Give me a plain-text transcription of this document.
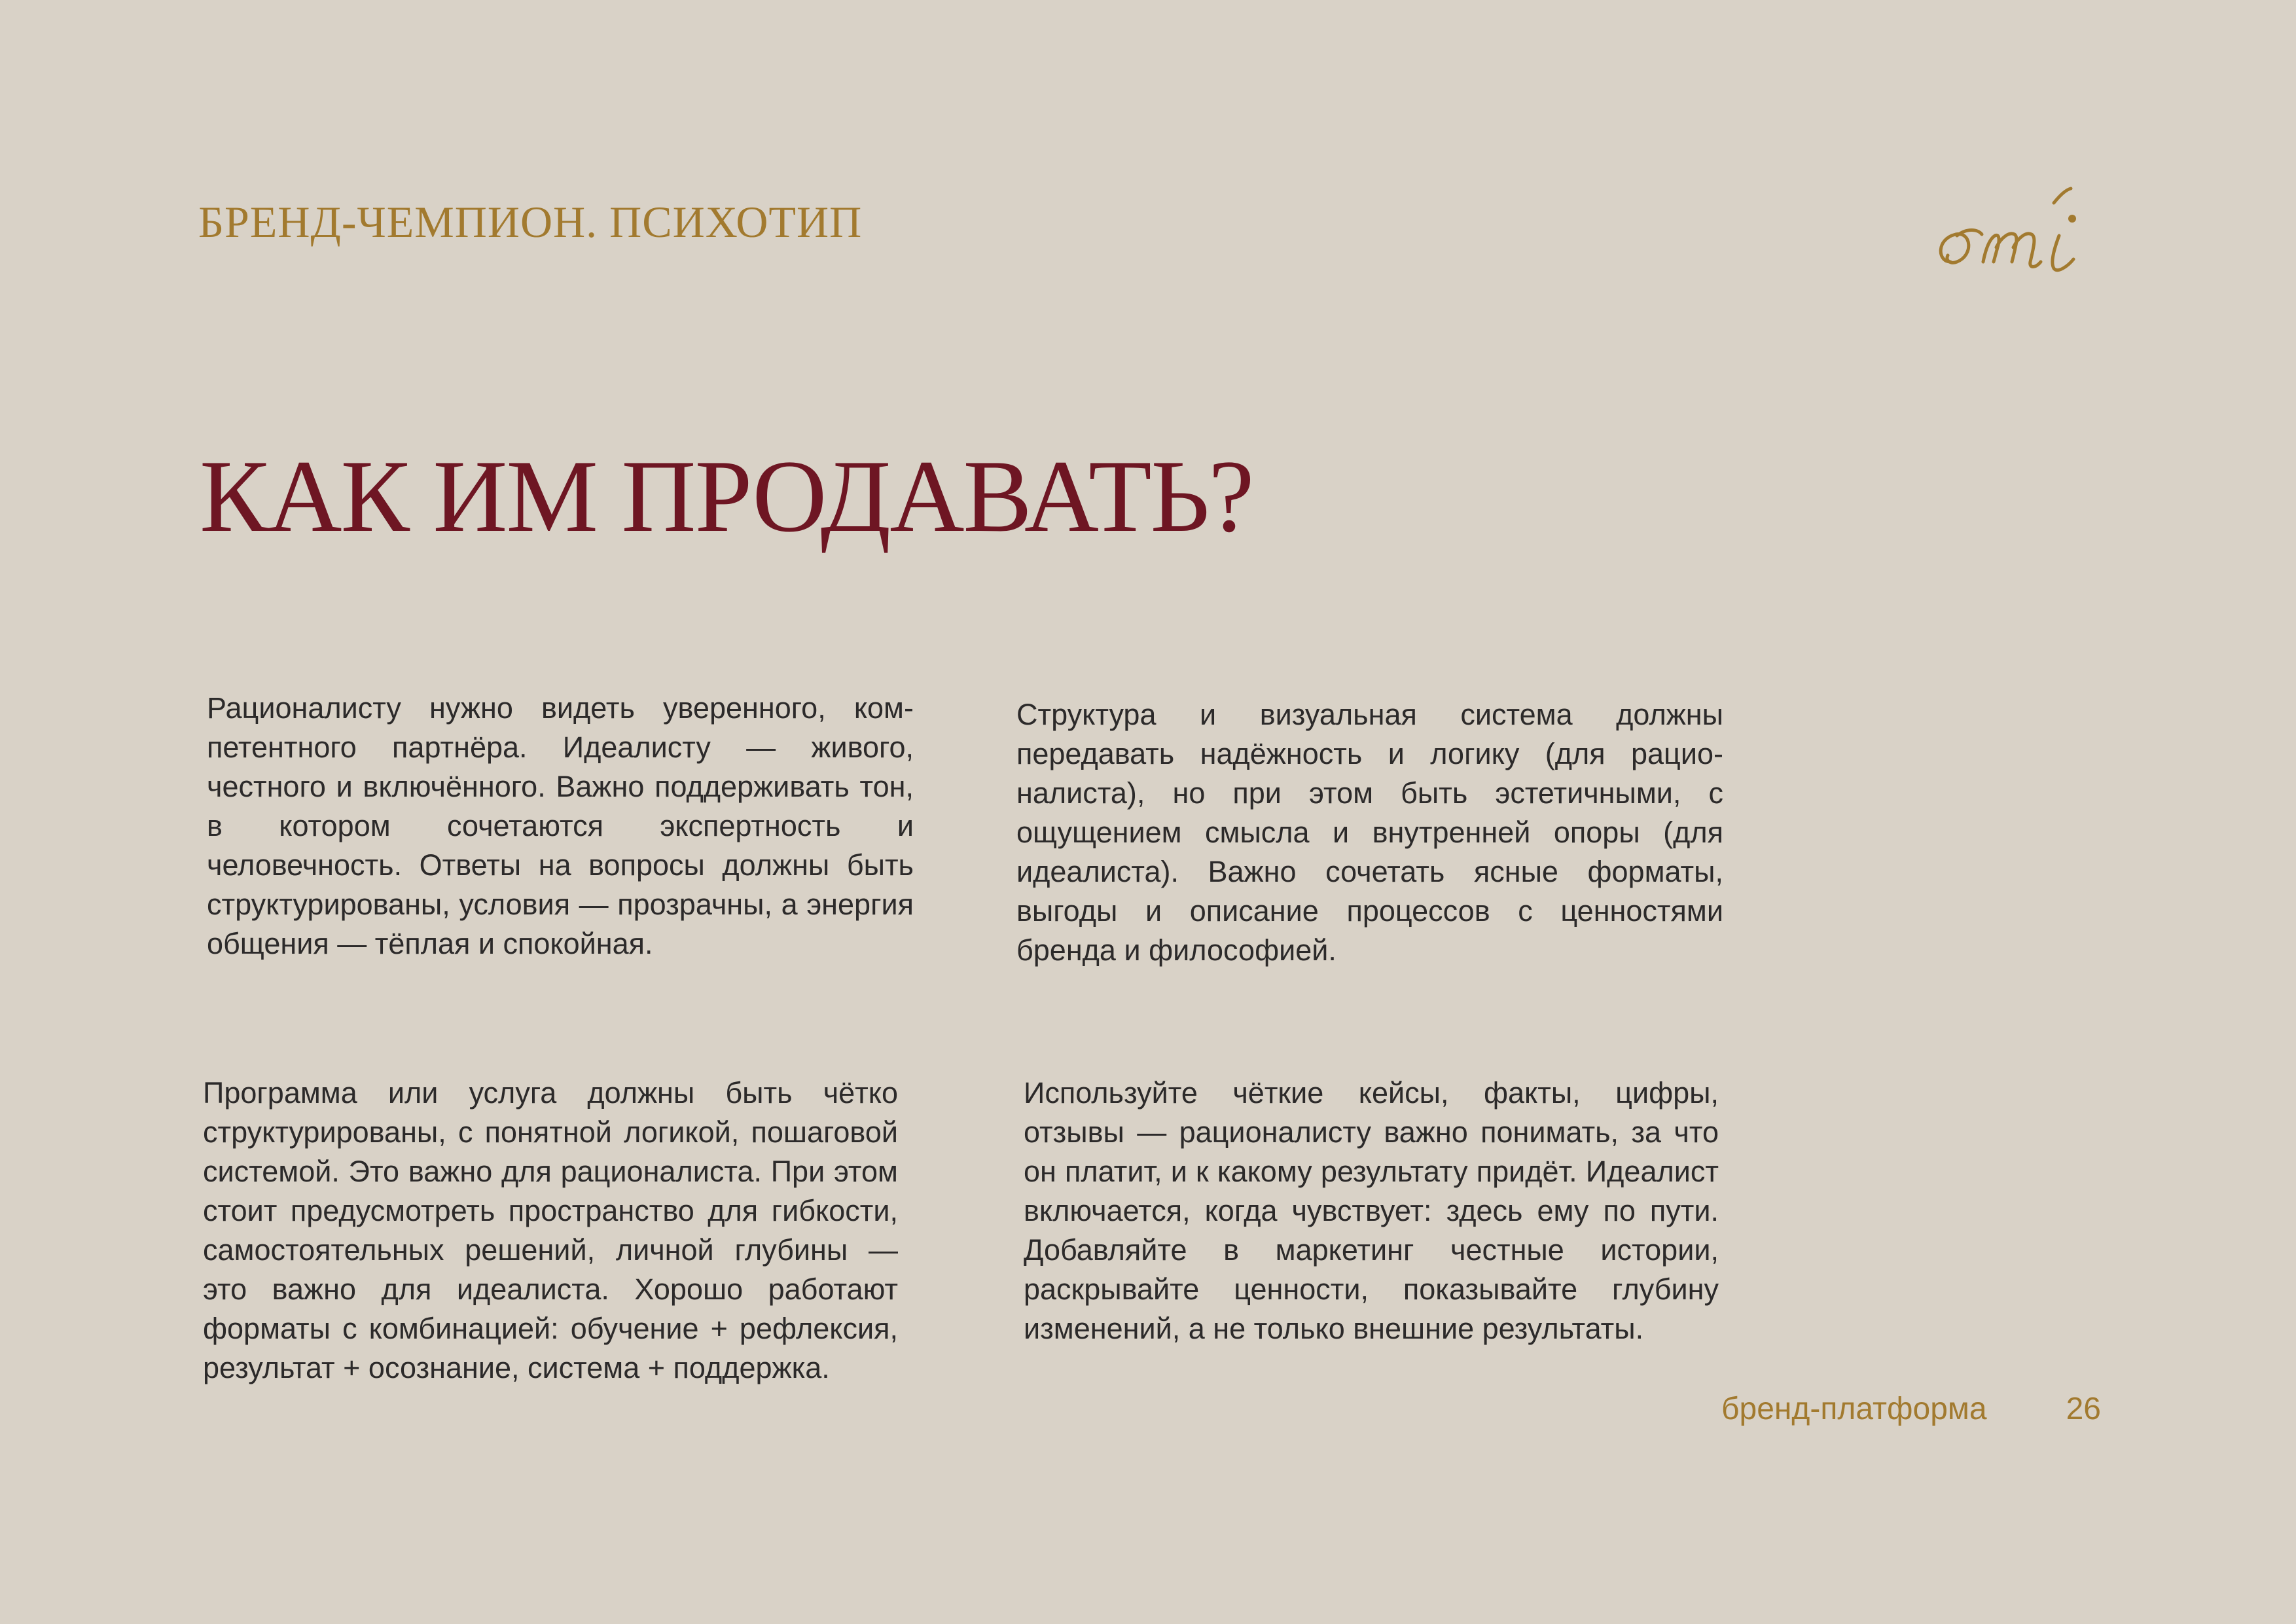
БРЕНД-ЧЕМПИОН. ПСИХОТИП
КАК ИМ ПРОДАВАТЬ?

Рационалисту нужно видеть уверенного, компетентного партнёра. Идеалисту — живого, честного и включённого. Важно поддерживать тон, в котором сочетаются экспертность и человечность. Ответы на вопросы должны быть структурированы, условия — прозрачны, а энергия общения — тёплая и спокойная.

Структура и визуальная система должны передавать надёжность и логику (для рационалиста), но при этом быть эстетичными, с ощущением смысла и внутренней опоры (для идеалиста). Важно сочетать ясные форматы, выгоды и описание процессов с ценностями бренда и философией.

Программа или услуга должны быть чётко структурированы, с понятной логикой, пошаговой системой. Это важно для рационалиста. При этом стоит предусмотреть пространство для гибкости, самостоятельных решений, личной глубины — это важно для идеалиста. Хорошо работают форматы с комбинацией: обучение + рефлексия, результат + осознание, система + поддержка.

Используйте чёткие кейсы, факты, цифры, отзывы — рационалисту важно понимать, за что он платит, и к какому результату придёт. Идеалист включается, когда чувствует: здесь ему по пути. Добавляйте в маркетинг честные истории, раскрывайте ценности, показывайте глубину изменений, а не только внешние результаты.

бренд-платформа	26
